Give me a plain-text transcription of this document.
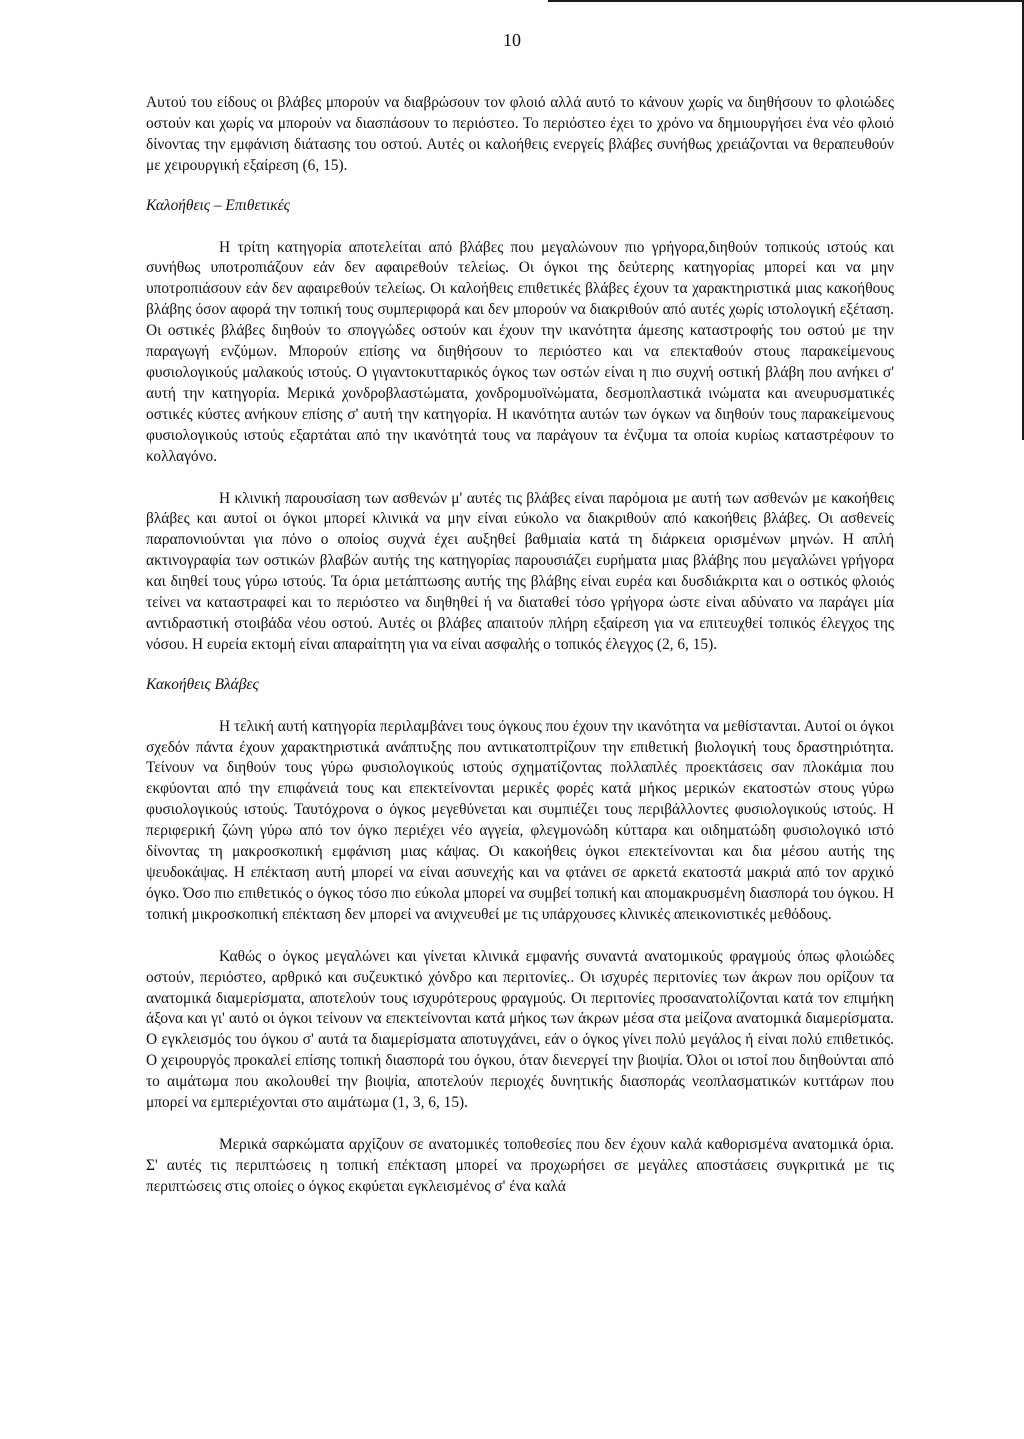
10

Αυτού του είδους οι βλάβες μπορούν να διαβρώσουν τον φλοιό αλλά αυτό το κάνουν χωρίς να διηθήσουν το φλοιώδες οστούν και χωρίς να μπορούν να διασπάσουν το περιόστεο. Το περιόστεο έχει το χρόνο να δημιουργήσει ένα νέο φλοιό δίνοντας την εμφάνιση διάτασης του οστού. Αυτές οι καλοήθεις ενεργείς βλάβες συνήθως χρειάζονται να θεραπευθούν με χειρουργική εξαίρεση (6, 15).

Καλοήθεις – Επιθετικές

Η τρίτη κατηγορία αποτελείται από βλάβες που μεγαλώνουν πιο γρήγορα,διηθούν τοπικούς ιστούς και συνήθως υποτροπιάζουν εάν δεν αφαιρεθούν τελείως. Οι όγκοι της δεύτερης κατηγορίας μπορεί και να μην υποτροπιάσουν εάν δεν αφαιρεθούν τελείως. Οι καλοήθεις επιθετικές βλάβες έχουν τα χαρακτηριστικά μιας κακοήθους βλάβης όσον αφορά την τοπική τους συμπεριφορά και δεν μπορούν να διακριθούν από αυτές χωρίς ιστολογική εξέταση. Οι οστικές βλάβες διηθούν το σπογγώδες οστούν και έχουν την ικανότητα άμεσης καταστροφής του οστού με την παραγωγή ενζύμων. Μπορούν επίσης να διηθήσουν το περιόστεο και να επεκταθούν στους παρακείμενους φυσιολογικούς μαλακούς ιστούς. Ο γιγαντοκυτταρικός όγκος των οστών είναι η πιο συχνή οστική βλάβη που ανήκει σ' αυτή την κατηγορία. Μερικά χονδροβλαστώματα, χονδρομυοϊνώματα, δεσμοπλαστικά ινώματα και ανευρυσματικές οστικές κύστες ανήκουν επίσης σ' αυτή την κατηγορία. Η ικανότητα αυτών των όγκων να διηθούν τους παρακείμενους φυσιολογικούς ιστούς εξαρτάται από την ικανότητά τους να παράγουν τα ένζυμα τα οποία κυρίως καταστρέφουν το κολλαγόνο.

Η κλινική παρουσίαση των ασθενών μ' αυτές τις βλάβες είναι παρόμοια με αυτή των ασθενών με κακοήθεις βλάβες και αυτοί οι όγκοι μπορεί κλινικά να μην είναι εύκολο να διακριθούν από κακοήθεις βλάβες. Οι ασθενείς παραπονιούνται για πόνο ο οποίος συχνά έχει αυξηθεί βαθμιαία κατά τη διάρκεια ορισμένων μηνών. Η απλή ακτινογραφία των οστικών βλαβών αυτής της κατηγορίας παρουσιάζει ευρήματα μιας βλάβης που μεγαλώνει γρήγορα και διηθεί τους γύρω ιστούς. Τα όρια μετάπτωσης αυτής της βλάβης είναι ευρέα και δυσδιάκριτα και ο οστικός φλοιός τείνει να καταστραφεί και το περιόστεο να διηθηθεί ή να διαταθεί τόσο γρήγορα ώστε είναι αδύνατο να παράγει μία αντιδραστική στοιβάδα νέου οστού. Αυτές οι βλάβες απαιτούν πλήρη εξαίρεση για να επιτευχθεί τοπικός έλεγχος της νόσου. Η ευρεία εκτομή είναι απαραίτητη για να είναι ασφαλής ο τοπικός έλεγχος (2, 6, 15).

Κακοήθεις Βλάβες

Η τελική αυτή κατηγορία περιλαμβάνει τους όγκους που έχουν την ικανότητα να μεθίστανται. Αυτοί οι όγκοι σχεδόν πάντα έχουν χαρακτηριστικά ανάπτυξης που αντικατοπτρίζουν την επιθετική βιολογική τους δραστηριότητα. Τείνουν να διηθούν τους γύρω φυσιολογικούς ιστούς σχηματίζοντας πολλαπλές προεκτάσεις σαν πλοκάμια που εκφύονται από την επιφάνειά τους και επεκτείνονται μερικές φορές κατά μήκος μερικών εκατοστών στους γύρω φυσιολογικούς ιστούς. Ταυτόχρονα ο όγκος μεγεθύνεται και συμπιέζει τους περιβάλλοντες φυσιολογικούς ιστούς. Η περιφερική ζώνη γύρω από τον όγκο περιέχει νέο αγγεία, φλεγμονώδη κύτταρα και οιδηματώδη φυσιολογικό ιστό δίνοντας τη μακροσκοπική εμφάνιση μιας κάψας. Οι κακοήθεις όγκοι επεκτείνονται και δια μέσου αυτής της ψευδοκάψας. Η επέκταση αυτή μπορεί να είναι ασυνεχής και να φτάνει σε αρκετά εκατοστά μακριά από τον αρχικό όγκο. Όσο πιο επιθετικός ο όγκος τόσο πιο εύκολα μπορεί να συμβεί τοπική και απομακρυσμένη διασπορά του όγκου. Η τοπική μικροσκοπική επέκταση δεν μπορεί να ανιχνευθεί με τις υπάρχουσες κλινικές απεικονιστικές μεθόδους.

Καθώς ο όγκος μεγαλώνει και γίνεται κλινικά εμφανής συναντά ανατομικούς φραγμούς όπως φλοιώδες οστούν, περιόστεο, αρθρικό και συζευκτικό χόνδρο και περιτονίες.. Οι ισχυρές περιτονίες των άκρων που ορίζουν τα ανατομικά διαμερίσματα, αποτελούν τους ισχυρότερους φραγμούς. Οι περιτονίες προσανατολίζονται κατά τον επιμήκη άξονα και γι' αυτό οι όγκοι τείνουν να επεκτείνονται κατά μήκος των άκρων μέσα στα μείζονα ανατομικά διαμερίσματα. Ο εγκλεισμός του όγκου σ' αυτά τα διαμερίσματα αποτυγχάνει, εάν ο όγκος γίνει πολύ μεγάλος ή είναι πολύ επιθετικός. Ο χειρουργός προκαλεί επίσης τοπική διασπορά του όγκου, όταν διενεργεί την βιοψία. Όλοι οι ιστοί που διηθούνται από το αιμάτωμα που ακολουθεί την βιοψία, αποτελούν περιοχές δυνητικής διασποράς νεοπλασματικών κυττάρων που μπορεί να εμπεριέχονται στο αιμάτωμα (1, 3, 6, 15).

Μερικά σαρκώματα αρχίζουν σε ανατομικές τοποθεσίες που δεν έχουν καλά καθορισμένα ανατομικά όρια. Σ' αυτές τις περιπτώσεις η τοπική επέκταση μπορεί να προχωρήσει σε μεγάλες αποστάσεις συγκριτικά με τις περιπτώσεις στις οποίες ο όγκος εκφύεται εγκλεισμένος σ' ένα καλά
